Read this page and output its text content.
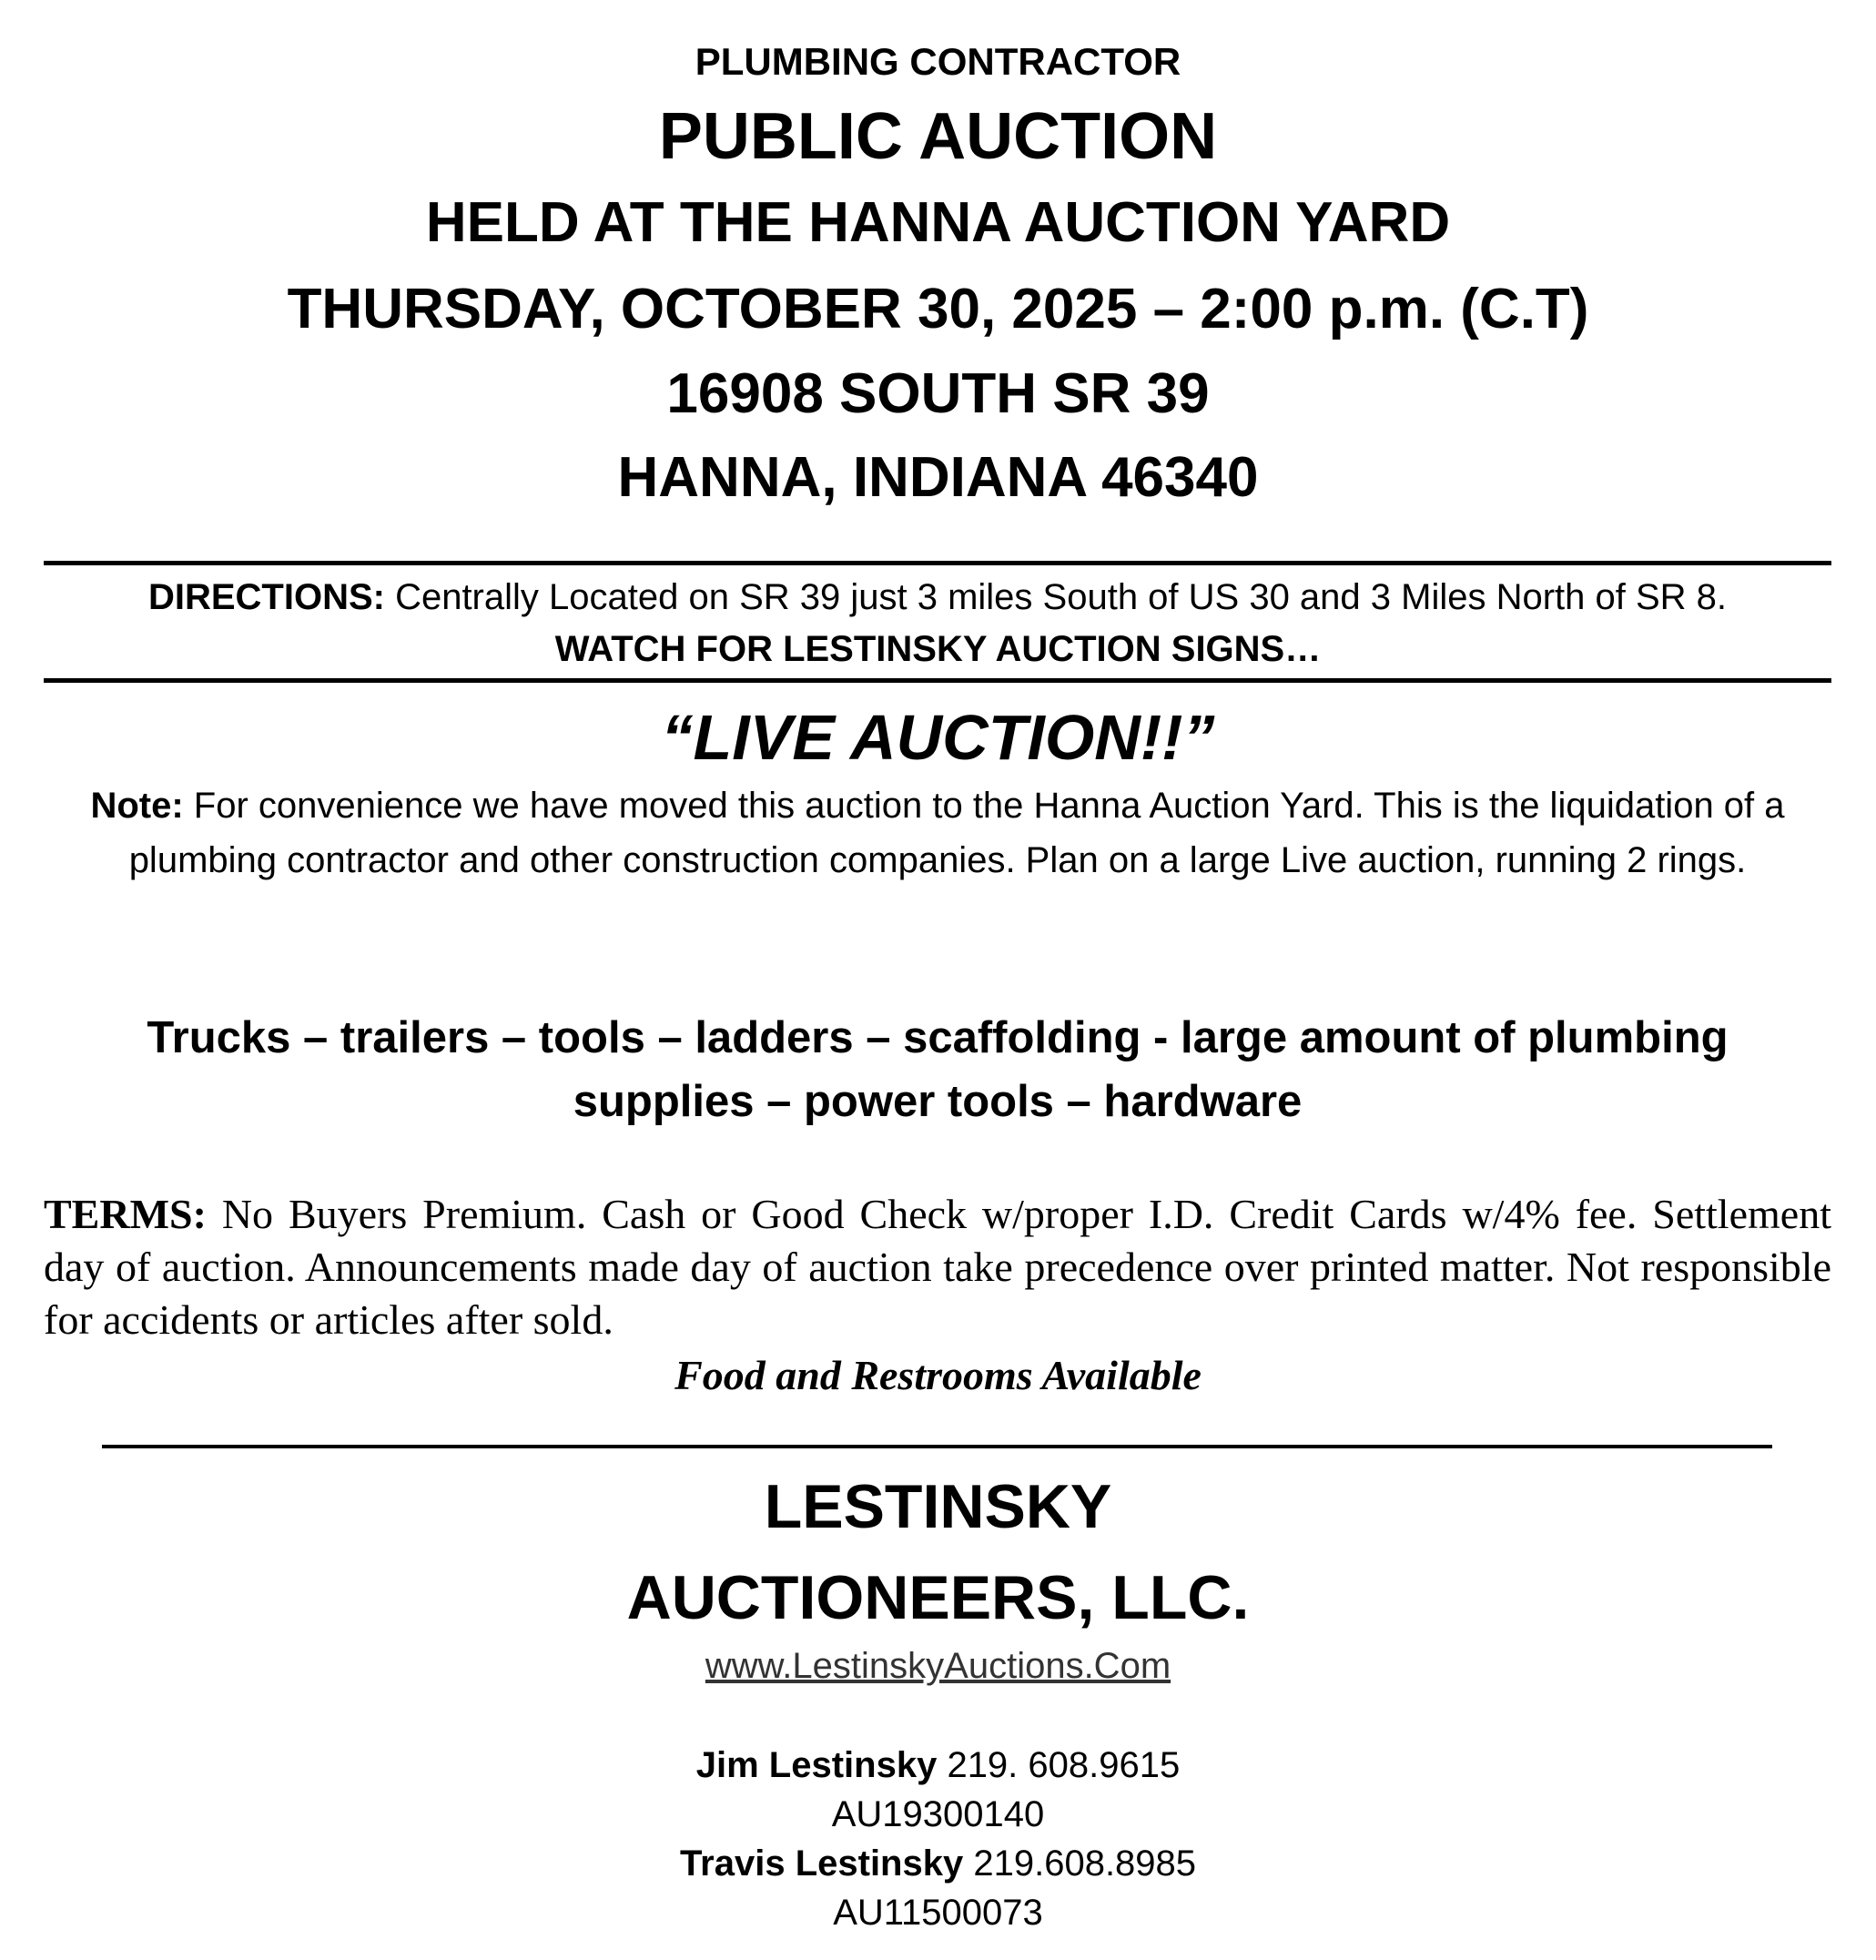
PLUMBING CONTRACTOR
PUBLIC AUCTION
HELD AT THE HANNA AUCTION YARD
THURSDAY, OCTOBER 30, 2025 – 2:00 p.m. (C.T)
16908 SOUTH SR 39
HANNA, INDIANA 46340
DIRECTIONS: Centrally Located on SR 39 just 3 miles South of US 30 and 3 Miles North of SR 8.
WATCH FOR LESTINSKY AUCTION SIGNS…
“LIVE AUCTION!!”
Note: For convenience we have moved this auction to the Hanna Auction Yard. This is the liquidation of a plumbing contractor and other construction companies. Plan on a large Live auction, running 2 rings.
Trucks – trailers – tools – ladders – scaffolding - large amount of plumbing
supplies – power tools – hardware
TERMS: No Buyers Premium. Cash or Good Check w/proper I.D. Credit Cards w/4% fee. Settlement day of auction. Announcements made day of auction take precedence over printed matter. Not responsible for accidents or articles after sold.
Food and Restrooms Available
LESTINSKY
AUCTIONEERS, LLC.
www.LestinskyAuctions.Com
Jim Lestinsky 219. 608.9615
AU19300140
Travis Lestinsky 219.608.8985
AU11500073
